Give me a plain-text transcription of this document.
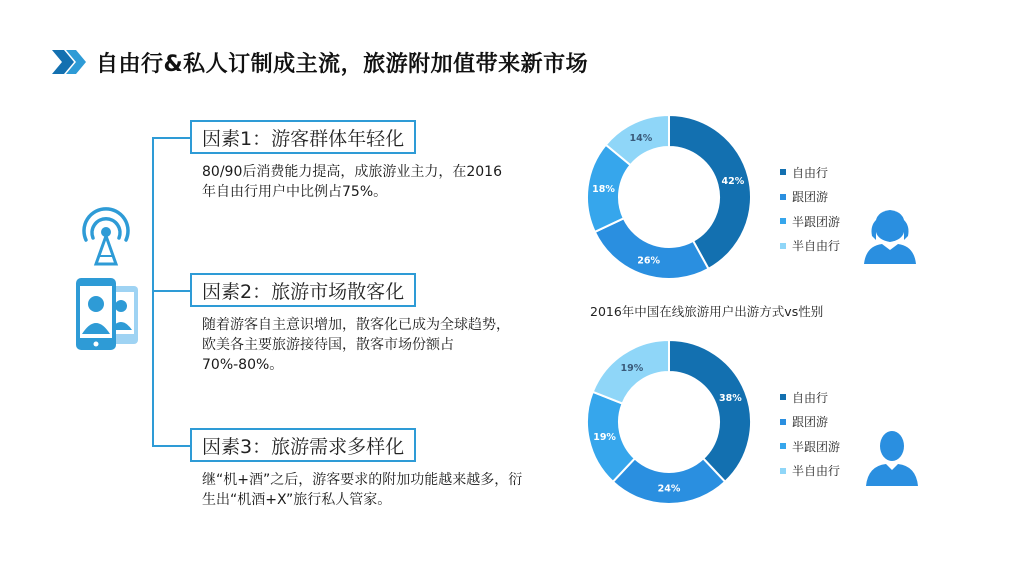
自由行&私人订制成主流，旅游附加值带来新市场
因素1：游客群体年轻化
80/90后消费能力提高，成旅游业主力，在2016年自由行用户中比例占75%。
因素2：旅游市场散客化
随着游客自主意识增加，散客化已成为全球趋势，欧美各主要旅游接待国，散客市场份额占70%-80%。
因素3：旅游需求多样化
继“机+酒”之后，游客要求的附加功能越来越多，衍生出“机酒+X”旅行私人管家。
42%
26%
18%
14%
38%
24%
19%
19%
自由行
跟团游
半跟团游
半自由行
自由行
跟团游
半跟团游
半自由行
2016年中国在线旅游用户出游方式vs性别
